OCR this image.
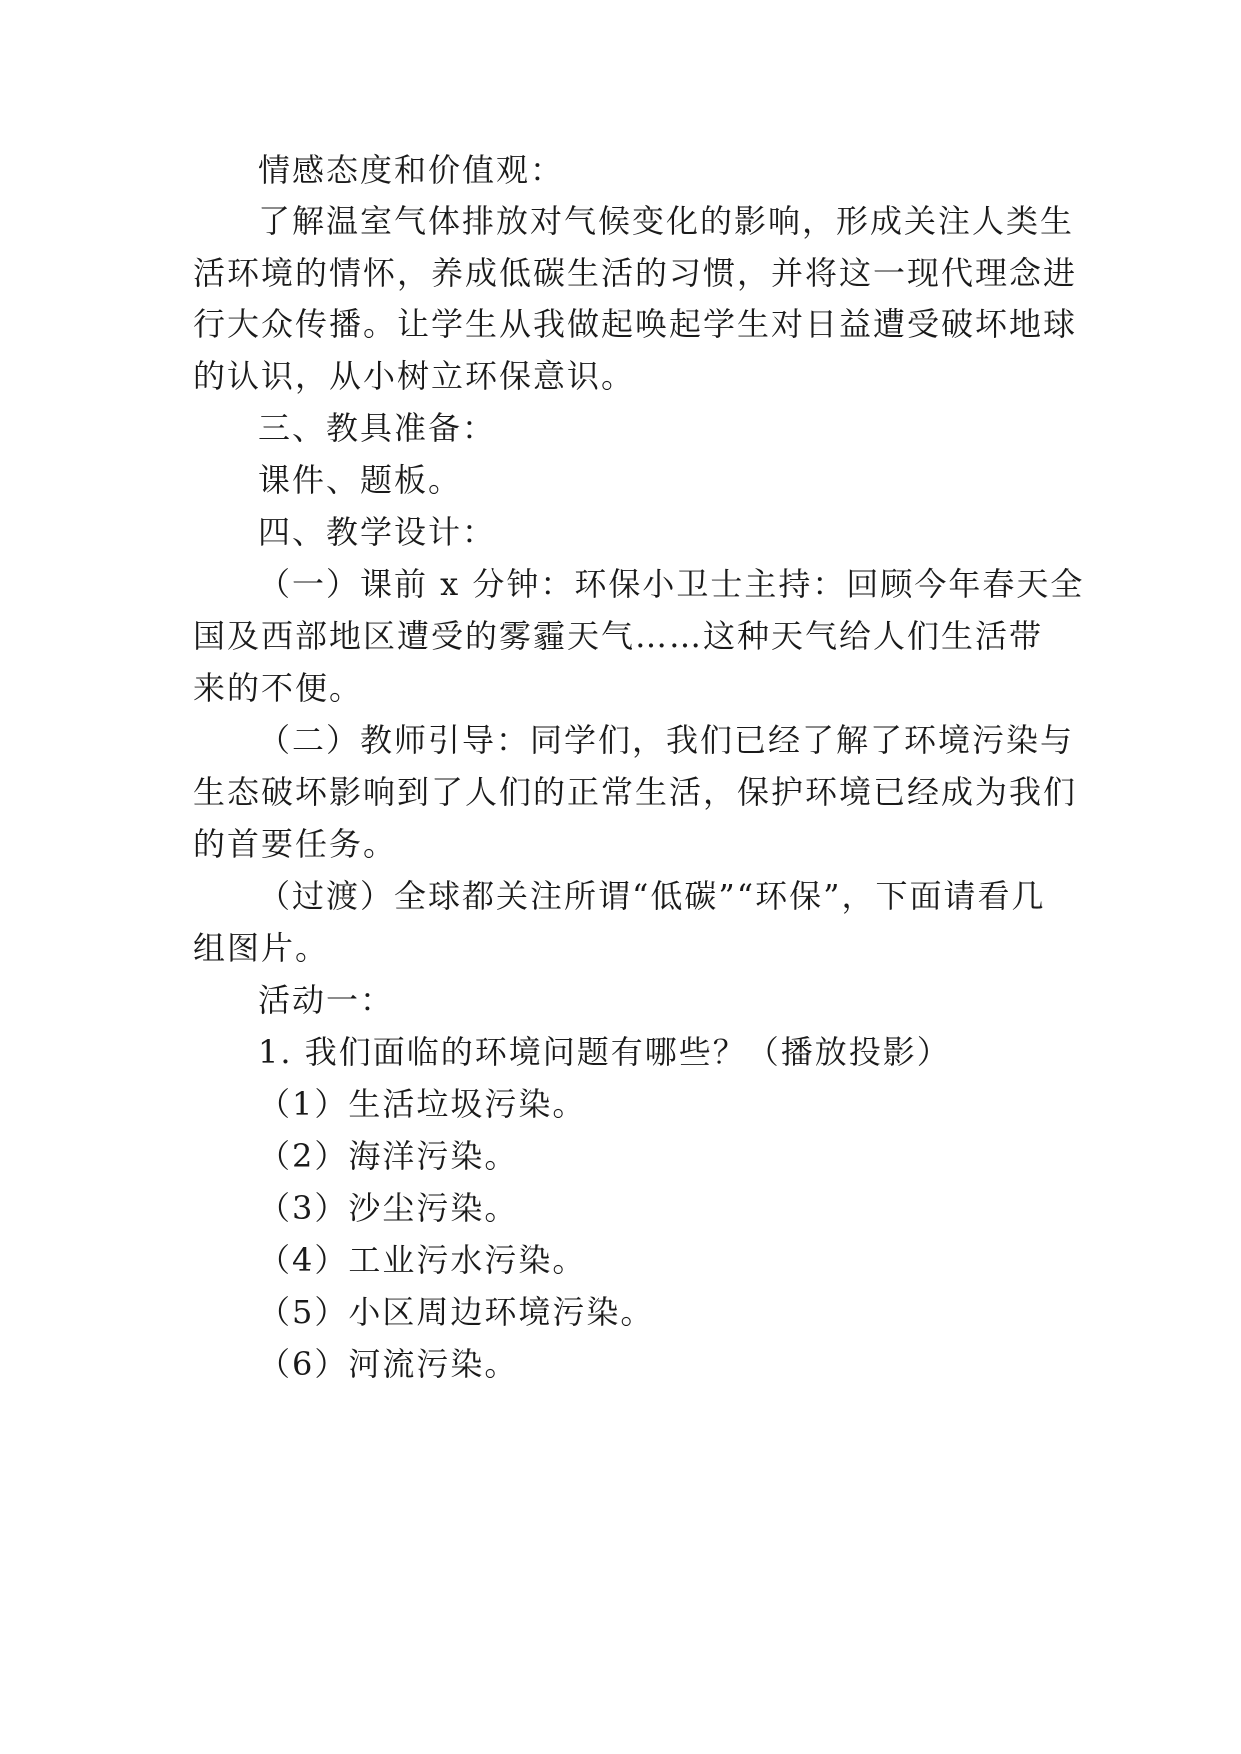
情感态度和价值观：
了解温室气体排放对气候变化的影响，形成关注人类生
活环境的情怀，养成低碳生活的习惯，并将这一现代理念进
行大众传播。让学生从我做起唤起学生对日益遭受破坏地球
的认识，从小树立环保意识。
三、教具准备：
课件、题板。
四、教学设计：
（一）课前 x 分钟：环保小卫士主持：回顾今年春天全
国及西部地区遭受的雾霾天气……这种天气给人们生活带
来的不便。
（二）教师引导：同学们，我们已经了解了环境污染与
生态破坏影响到了人们的正常生活，保护环境已经成为我们
的首要任务。
（过渡）全球都关注所谓“低碳”“环保”，下面请看几
组图片。
活动一：
1. 我们面临的环境问题有哪些？（播放投影）
（1）生活垃圾污染。
（2）海洋污染。
（3）沙尘污染。
（4）工业污水污染。
（5）小区周边环境污染。
（6）河流污染。
